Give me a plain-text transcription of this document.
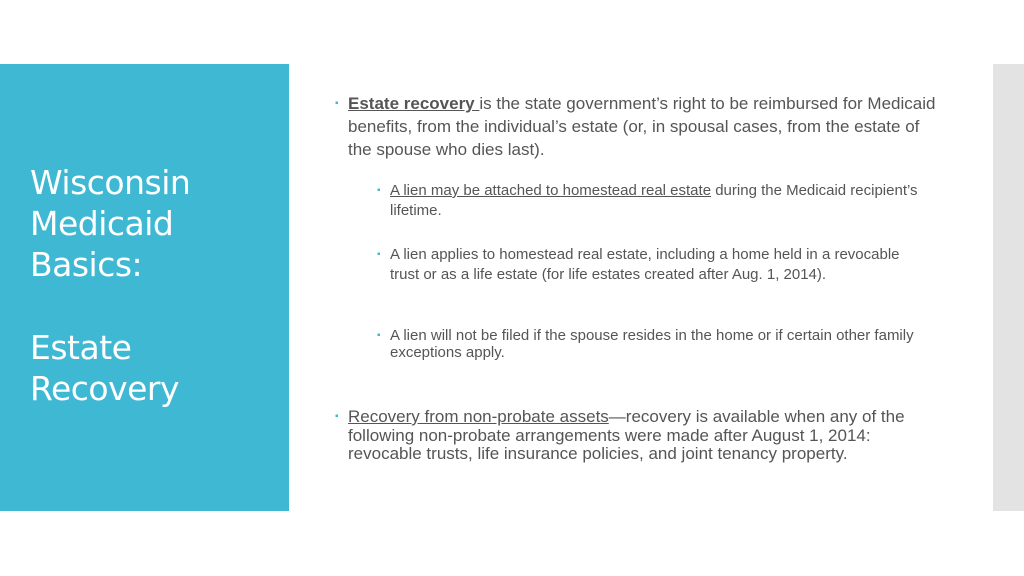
Wisconsin
Medicaid
Basics:
Estate
Recovery
▪ Estate recovery is the state government’s right to be reimbursed for Medicaid benefits, from the individual’s estate (or, in spousal cases, from the estate of the spouse who dies last).
▪ A lien may be attached to homestead real estate during the Medicaid recipient’s lifetime.
▪ A lien applies to homestead real estate, including a home held in a revocable trust or as a life estate (for life estates created after Aug. 1, 2014).
▪ A lien will not be filed if the spouse resides in the home or if certain other family exceptions apply.
▪ Recovery from non-probate assets—recovery is available when any of the following non-probate arrangements were made after August 1, 2014: revocable trusts, life insurance policies, and joint tenancy property.
